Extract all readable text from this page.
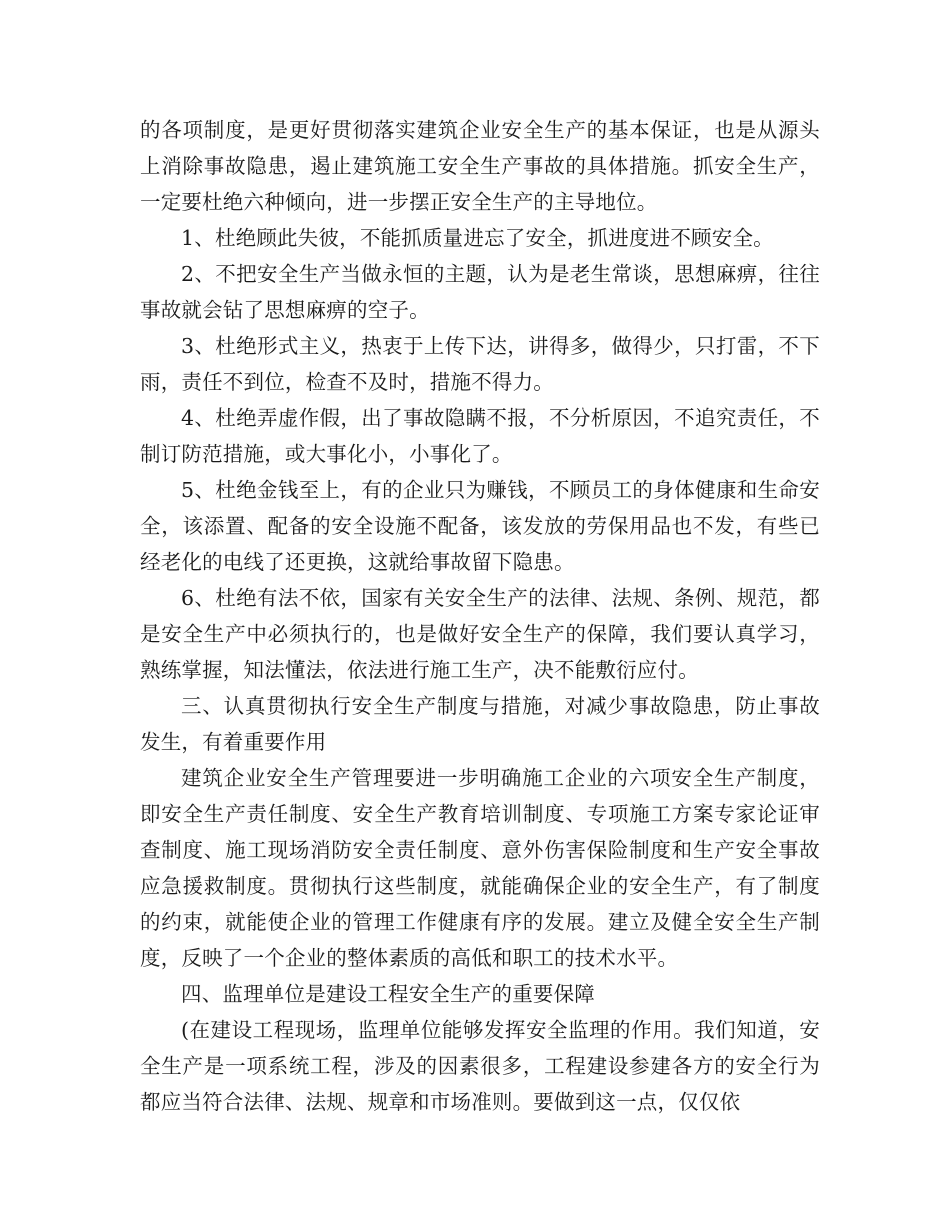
的各项制度，是更好贯彻落实建筑企业安全生产的基本保证，也是从源头上消除事故隐患，遏止建筑施工安全生产事故的具体措施。抓安全生产，一定要杜绝六种倾向，进一步摆正安全生产的主导地位。

1、杜绝顾此失彼，不能抓质量进忘了安全，抓进度进不顾安全。

2、不把安全生产当做永恒的主题，认为是老生常谈，思想麻痹，往往事故就会钻了思想麻痹的空子。

3、杜绝形式主义，热衷于上传下达，讲得多，做得少，只打雷，不下雨，责任不到位，检查不及时，措施不得力。

4、杜绝弄虚作假，出了事故隐瞒不报，不分析原因，不追究责任，不制订防范措施，或大事化小，小事化了。

5、杜绝金钱至上，有的企业只为赚钱，不顾员工的身体健康和生命安全，该添置、配备的安全设施不配备，该发放的劳保用品也不发，有些已经老化的电线了还更换，这就给事故留下隐患。

6、杜绝有法不依，国家有关安全生产的法律、法规、条例、规范，都是安全生产中必须执行的，也是做好安全生产的保障，我们要认真学习，熟练掌握，知法懂法，依法进行施工生产，决不能敷衍应付。

三、认真贯彻执行安全生产制度与措施，对减少事故隐患，防止事故发生，有着重要作用

建筑企业安全生产管理要进一步明确施工企业的六项安全生产制度，即安全生产责任制度、安全生产教育培训制度、专项施工方案专家论证审查制度、施工现场消防安全责任制度、意外伤害保险制度和生产安全事故应急援救制度。贯彻执行这些制度，就能确保企业的安全生产，有了制度的约束，就能使企业的管理工作健康有序的发展。建立及健全安全生产制度，反映了一个企业的整体素质的高低和职工的技术水平。

四、监理单位是建设工程安全生产的重要保障

(在建设工程现场，监理单位能够发挥安全监理的作用。我们知道，安全生产是一项系统工程，涉及的因素很多，工程建设参建各方的安全行为都应当符合法律、法规、规章和市场准则。要做到这一点，仅仅依
